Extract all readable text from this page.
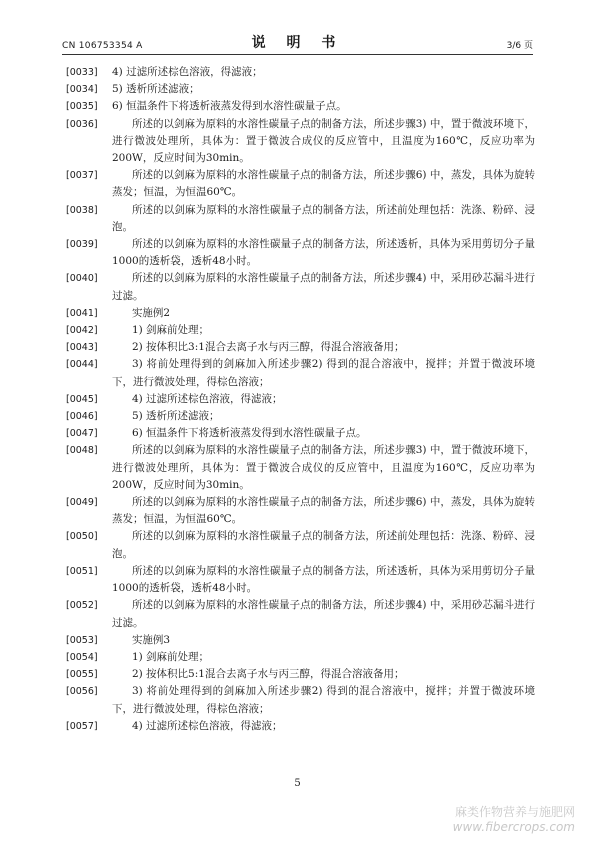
CN 106753354 A	说 明 书	3/6 页
[0033]	4) 过滤所述棕色溶液，得滤液；
[0034]	5) 透析所述滤液；
[0035]	6) 恒温条件下将透析液蒸发得到水溶性碳量子点。
[0036]	所述的以剑麻为原料的水溶性碳量子点的制备方法，所述步骤3) 中，置于微波环境下，进行微波处理所，具体为：置于微波合成仪的反应管中，且温度为160℃，反应功率为200W，反应时间为30min。
[0037]	所述的以剑麻为原料的水溶性碳量子点的制备方法，所述步骤6) 中，蒸发，具体为旋转蒸发；恒温，为恒温60℃。
[0038]	所述的以剑麻为原料的水溶性碳量子点的制备方法，所述前处理包括：洗涤、粉碎、浸泡。
[0039]	所述的以剑麻为原料的水溶性碳量子点的制备方法，所述透析，具体为采用剪切分子量1000的透析袋，透析48小时。
[0040]	所述的以剑麻为原料的水溶性碳量子点的制备方法，所述步骤4) 中，采用砂芯漏斗进行过滤。
[0041]	实施例2
[0042]	1) 剑麻前处理；
[0043]	2) 按体积比3:1混合去离子水与丙三醇，得混合溶液备用；
[0044]	3) 将前处理得到的剑麻加入所述步骤2) 得到的混合溶液中，搅拌；并置于微波环境下，进行微波处理，得棕色溶液；
[0045]	4) 过滤所述棕色溶液，得滤液；
[0046]	5) 透析所述滤液；
[0047]	6) 恒温条件下将透析液蒸发得到水溶性碳量子点。
[0048]	所述的以剑麻为原料的水溶性碳量子点的制备方法，所述步骤3) 中，置于微波环境下，进行微波处理所，具体为：置于微波合成仪的反应管中，且温度为160℃，反应功率为200W，反应时间为30min。
[0049]	所述的以剑麻为原料的水溶性碳量子点的制备方法，所述步骤6) 中，蒸发，具体为旋转蒸发；恒温，为恒温60℃。
[0050]	所述的以剑麻为原料的水溶性碳量子点的制备方法，所述前处理包括：洗涤、粉碎、浸泡。
[0051]	所述的以剑麻为原料的水溶性碳量子点的制备方法，所述透析，具体为采用剪切分子量1000的透析袋，透析48小时。
[0052]	所述的以剑麻为原料的水溶性碳量子点的制备方法，所述步骤4) 中，采用砂芯漏斗进行过滤。
[0053]	实施例3
[0054]	1) 剑麻前处理；
[0055]	2) 按体积比5:1混合去离子水与丙三醇，得混合溶液备用；
[0056]	3) 将前处理得到的剑麻加入所述步骤2) 得到的混合溶液中，搅拌；并置于微波环境下，进行微波处理，得棕色溶液；
[0057]	4) 过滤所述棕色溶液，得滤液；
5
麻类作物营养与施肥网
www.fibercrops.com
